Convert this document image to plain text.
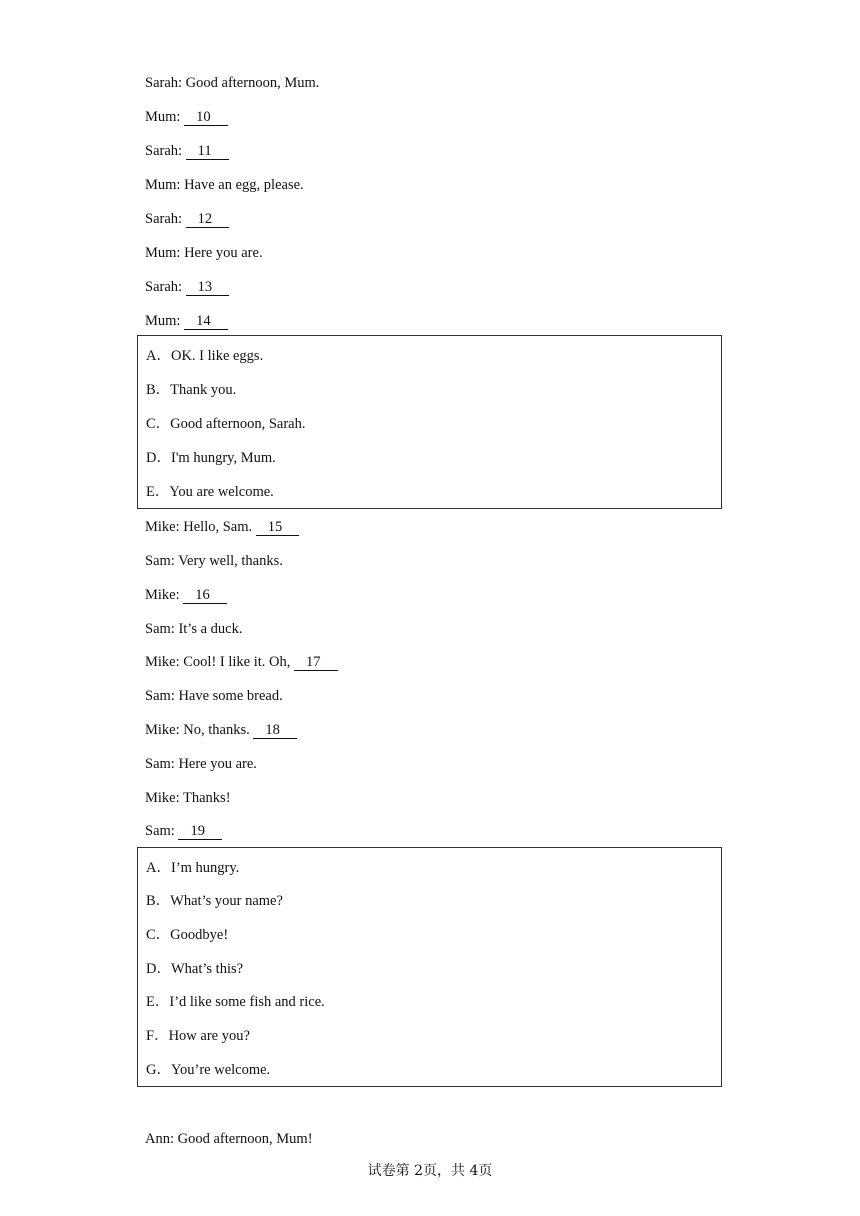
Sarah: Good afternoon, Mum.
Mum: 10
Sarah: 11
Mum: Have an egg, please.
Sarah: 12
Mum: Here you are.
Sarah: 13
Mum: 14
A．OK. I like eggs.
B．Thank you.
C．Good afternoon, Sarah.
D．I'm hungry, Mum.
E．You are welcome.
Mike: Hello, Sam. 15
Sam: Very well, thanks.
Mike: 16
Sam: It’s a duck.
Mike: Cool! I like it. Oh, 17
Sam: Have some bread.
Mike: No, thanks. 18
Sam: Here you are.
Mike: Thanks!
Sam: 19
A．I’m hungry.
B．What’s your name?
C．Goodbye!
D．What’s this?
E．I’d like some fish and rice.
F．How are you?
G．You’re welcome.
Ann: Good afternoon, Mum!
试卷第 2页，共 4页
